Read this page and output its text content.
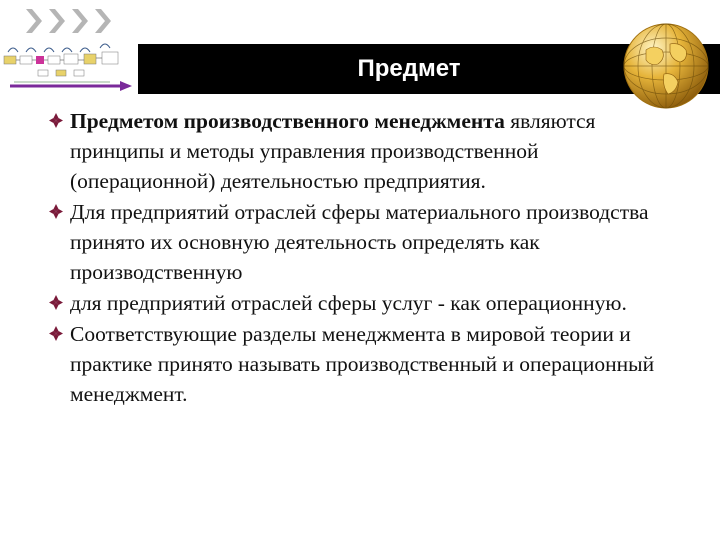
Предмет
Предметом производственного менеджмента являются принципы и методы управления производственной (операционной) деятельностью предприятия.
Для предприятий отраслей сферы материального производства принято их основную деятельность определять как производственную
для предприятий отраслей сферы услуг - как операционную.
Соответствующие разделы менеджмента в мировой теории и практике принято называть производственный и операционный менеджмент.
